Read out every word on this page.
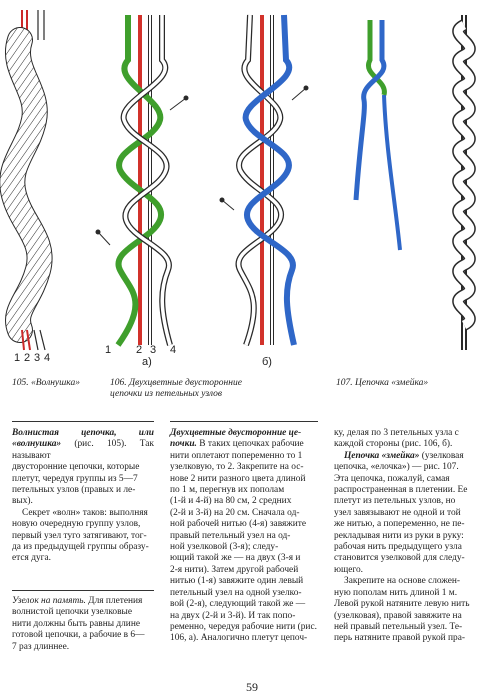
1 2 3 4
1 2 3 4
а)	б)
105. «Волнушка»	106. Двухцветные двусторонние
цепочки из петельных узлов
107. Цепочка «змейка»
Волнистая цепочка, или «волнушка» (рис. 105). Так называют
двусторонние цепочки, которые
плетут, чередуя группы из 5—7
петельных узлов (правых и ле-
вых).
Секрет «волн» таков: выполняя
новую очередную группу узлов,
первый узел туго затягивают, тог-
да из предыдущей группы образу-
ется дуга.
Узелок на память. Для плетения
волнистой цепочки узелковые
нити должны быть равны длине
готовой цепочки, а рабочие в 6—
7 раз длиннее.
Двухцветные двусторонние це-
почки. В таких цепочках рабочие
нити оплетают попеременно то 1
узелковую, то 2. Закрепите на ос-
нове 2 нити разного цвета длиной
по 1 м, перегнув их пополам
(1-й и 4-й) на 80 см, 2 средних
(2-й и 3-й) на 20 см. Сначала од-
ной рабочей нитью (4-я) завяжите
правый петельный узел на од-
ной узелковой (3-я); следу-
ющий такой же — на двух (3-я и
2-я нити). Затем другой рабочей
нитью (1-я) завяжите один левый
петельный узел на одной узелко-
вой (2-я), следующий такой же —
на двух (2-й и 3-й). И так попо-
ременно, чередуя рабочие нити (рис.
106, а). Аналогично плетут цепоч-
ку, делая по 3 петельных узла с
каждой стороны (рис. 106, б).
Цепочка «змейка» (узелковая
цепочка, «елочка») — рис. 107.
Эта цепочка, пожалуй, самая
распространенная в плетении. Ее
плетут из петельных узлов, но
узел завязывают не одной и той
же нитью, а попеременно, не пе-
рекладывая нити из руки в руку:
рабочая нить предыдущего узла
становится узелковой для следу-
ющего.
Закрепите на основе сложен-
ную пополам нить длиной 1 м.
Левой рукой натяните левую нить
(узелковая), правой завяжите на
ней правый петельный узел. Те-
перь натяните правой рукой пра-
59
